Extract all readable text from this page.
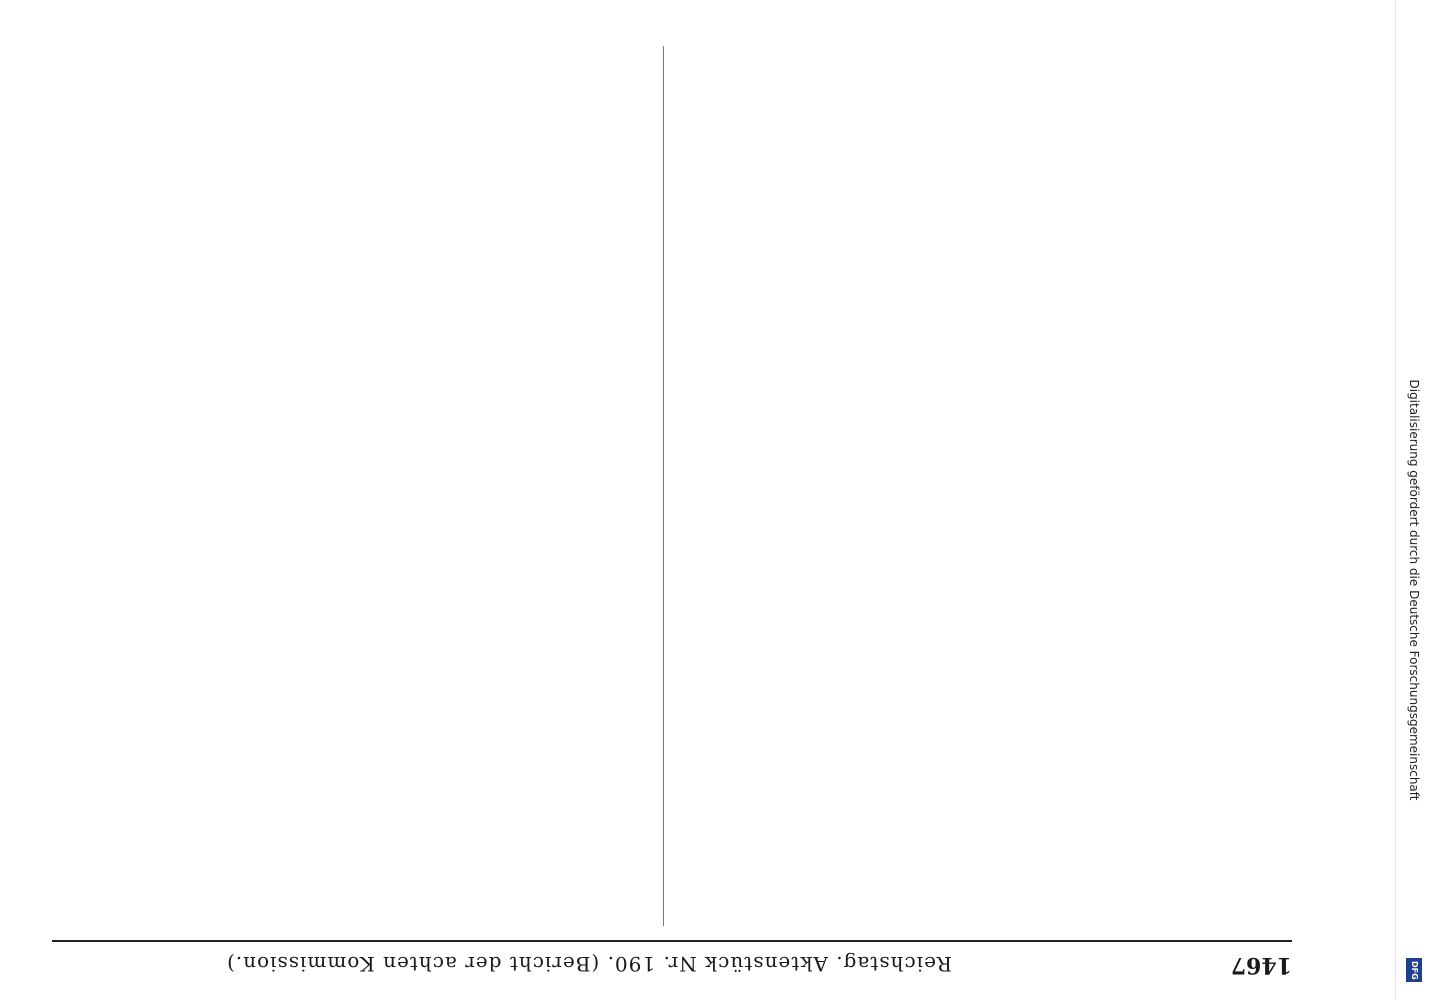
1467
Reichstag. Aktenstück Nr. 190. (Bericht der achten Kommission.)
Digitalisierung gefördert durch die Deutsche Forschungsgemeinschaft
DFG
